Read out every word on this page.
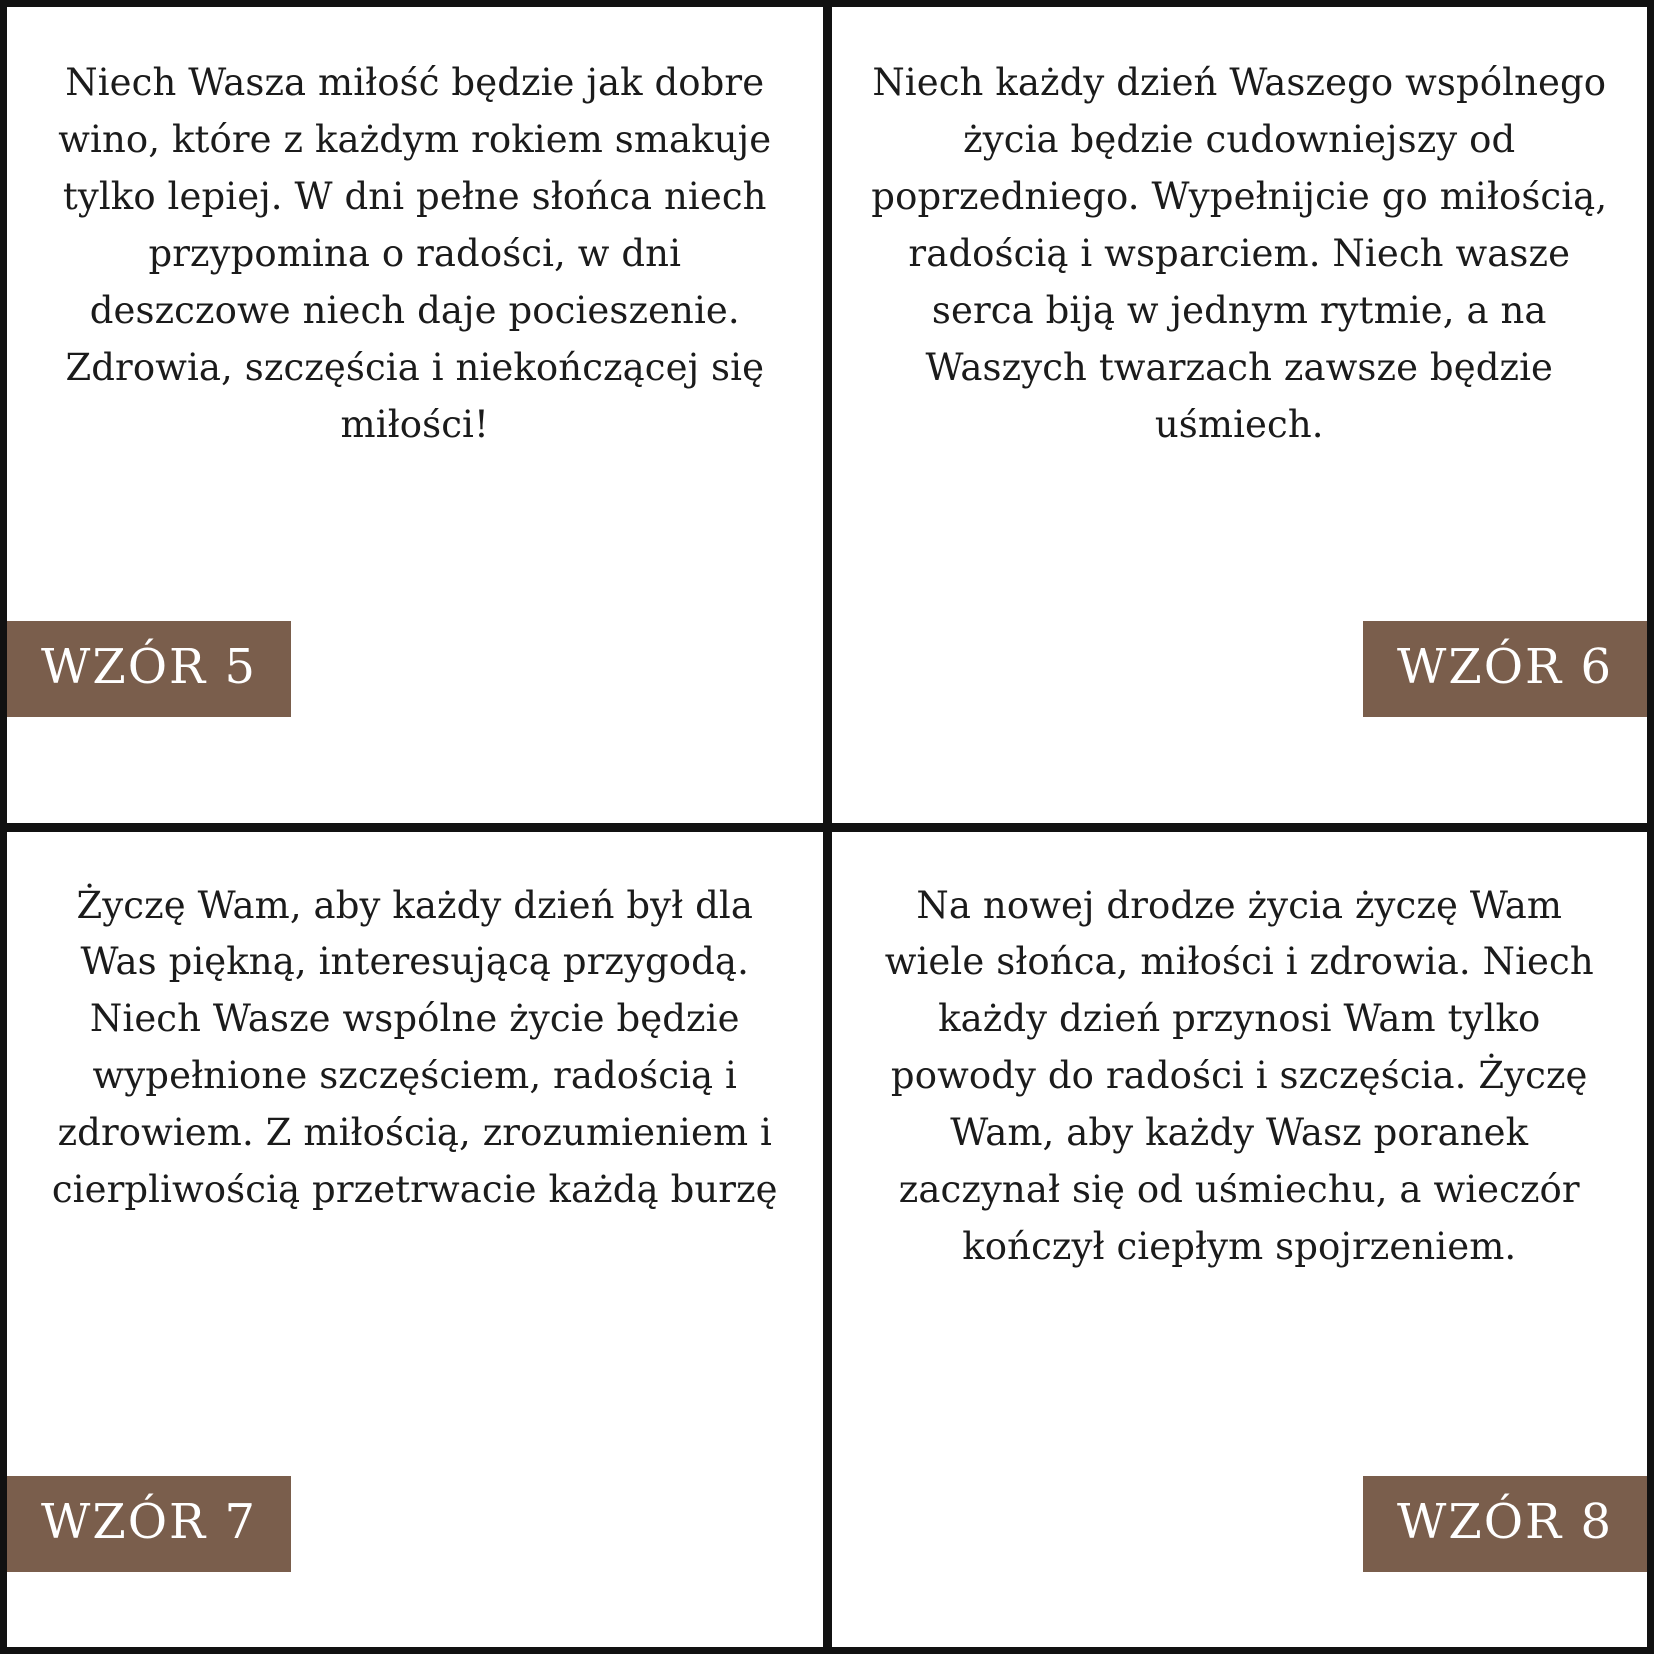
Niech Wasza miłość będzie jak dobre wino, które z każdym rokiem smakuje tylko lepiej. W dni pełne słońca niech przypomina o radości, w dni deszczowe niech daje pocieszenie. Zdrowia, szczęścia i niekończącej się miłości!
WZÓR 5
Niech każdy dzień Waszego wspólnego życia będzie cudowniejszy od poprzedniego. Wypełnijcie go miłością, radością i wsparciem. Niech wasze serca biją w jednym rytmie, a na Waszych twarzach zawsze będzie uśmiech.
WZÓR 6
Życzę Wam, aby każdy dzień był dla Was piękną, interesującą przygodą. Niech Wasze wspólne życie będzie wypełnione szczęściem, radością i zdrowiem. Z miłością, zrozumieniem i cierpliwością przetrwacie każdą burzę
WZÓR 7
Na nowej drodze życia życzę Wam wiele słońca, miłości i zdrowia. Niech każdy dzień przynosi Wam tylko powody do radości i szczęścia. Życzę Wam, aby każdy Wasz poranek zaczynał się od uśmiechu, a wieczór kończył ciepłym spojrzeniem.
WZÓR 8
